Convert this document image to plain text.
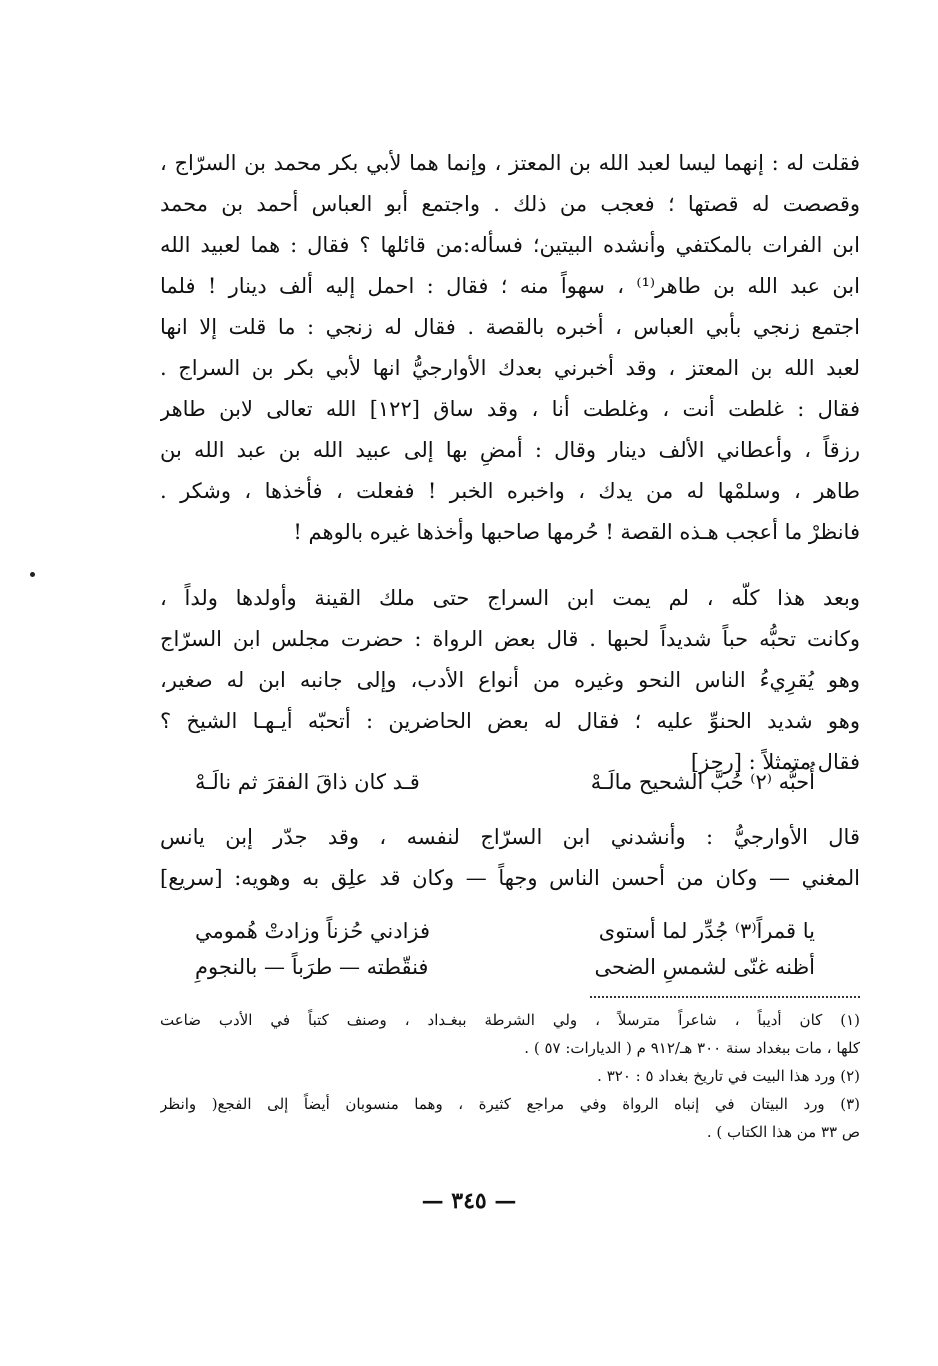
فقلت له : إنهما ليسا لعبد الله بن المعتز ، وإنما هما لأبي بكر محمد بن السرّاج ،
وقصصت له قصتها ؛ فعجب من ذلك . واجتمع أبو العباس أحمد بن محمد
ابن الفرات بالمكتفي وأنشده البيتين؛ فسأله:من قائلها ؟ فقال : هما لعبيد الله
ابن عبد الله بن طاهر⁽¹⁾ ، سهواً منه ؛ فقال : احمل إليه ألف دينار ! فلما
اجتمع زنجي بأبي العباس ، أخبره بالقصة . فقال له زنجي : ما قلت إلا انها
لعبد الله بن المعتز ، وقد أخبرني بعدك الأوارجيُّ انها لأبي بكر بن السراج .
فقال : غلطت أنت ، وغلطت أنا ، وقد ساق [١٢٢] الله تعالى لابن طاهر
رزقاً ، وأعطاني الألف دينار وقال : أمضِ بها إلى عبيد الله بن عبد الله بن
طاهر ، وسلمْها له من يدك ، واخبره الخبر ! ففعلت ، فأخذها ، وشكر .
فانظرْ ما أعجب هـذه القصة ! حُرمها صاحبها وأخذها غيره بالوهم !
وبعد هذا كلّه ، لم يمت ابن السراج حتى ملك القينة وأولدها ولداً ،
وكانت تحبُّه حباً شديداً لحبها . قال بعض الرواة : حضرت مجلس ابن السرّاج
وهو يُقرِيءُ الناس النحو وغيره من أنواع الأدب، وإلى جانبه ابن له صغير،
وهو شديد الحنوِّ عليه ؛ فقال له بعض الحاضرين : أتحبّه أيـهـا الشيخ ؟
فقال متمثلاً : [رجز]
أُحبُّه ⁽٢⁾ حُبَّ الشحيح مالَـهْ
قـد كان ذاقَ الفقرَ ثم نالَـهْ
قال الأوارجيُّ : وأنشدني ابن السرّاج لنفسه ، وقد جدّر إبن يانس
المغني — وكان من أحسن الناس وجهاً — وكان قد علِق به وهويه: [سريع]
يا قمراً⁽٣⁾ جُدِّر لما أستوى
فزادني حُزناً وزادتْ هُمومي
أظنه غنّى لشمسِ الضحى
فنقّطته — طرَباً — بالنجومِ
(١) كان أديباً ، شاعراً مترسلاً ، ولي الشرطة ببغـداد ، وصنف كتباً في الأدب ضاعت
كلها ، مات ببغداد سنة ٣٠٠ هـ/٩١٢ م ( الديارات: ٥٧ ) .
(٢) ورد هذا البيت في تاريخ بغداد ٥ : ٣٢٠ .
(٣) ورد البيتان في إنباه الرواة وفي مراجع كثيرة ، وهما منسوبان أيضاً إلى الفجع( وانظر
ص ٣٣ من هذا الكتاب ) .
— ٣٤٥ —
